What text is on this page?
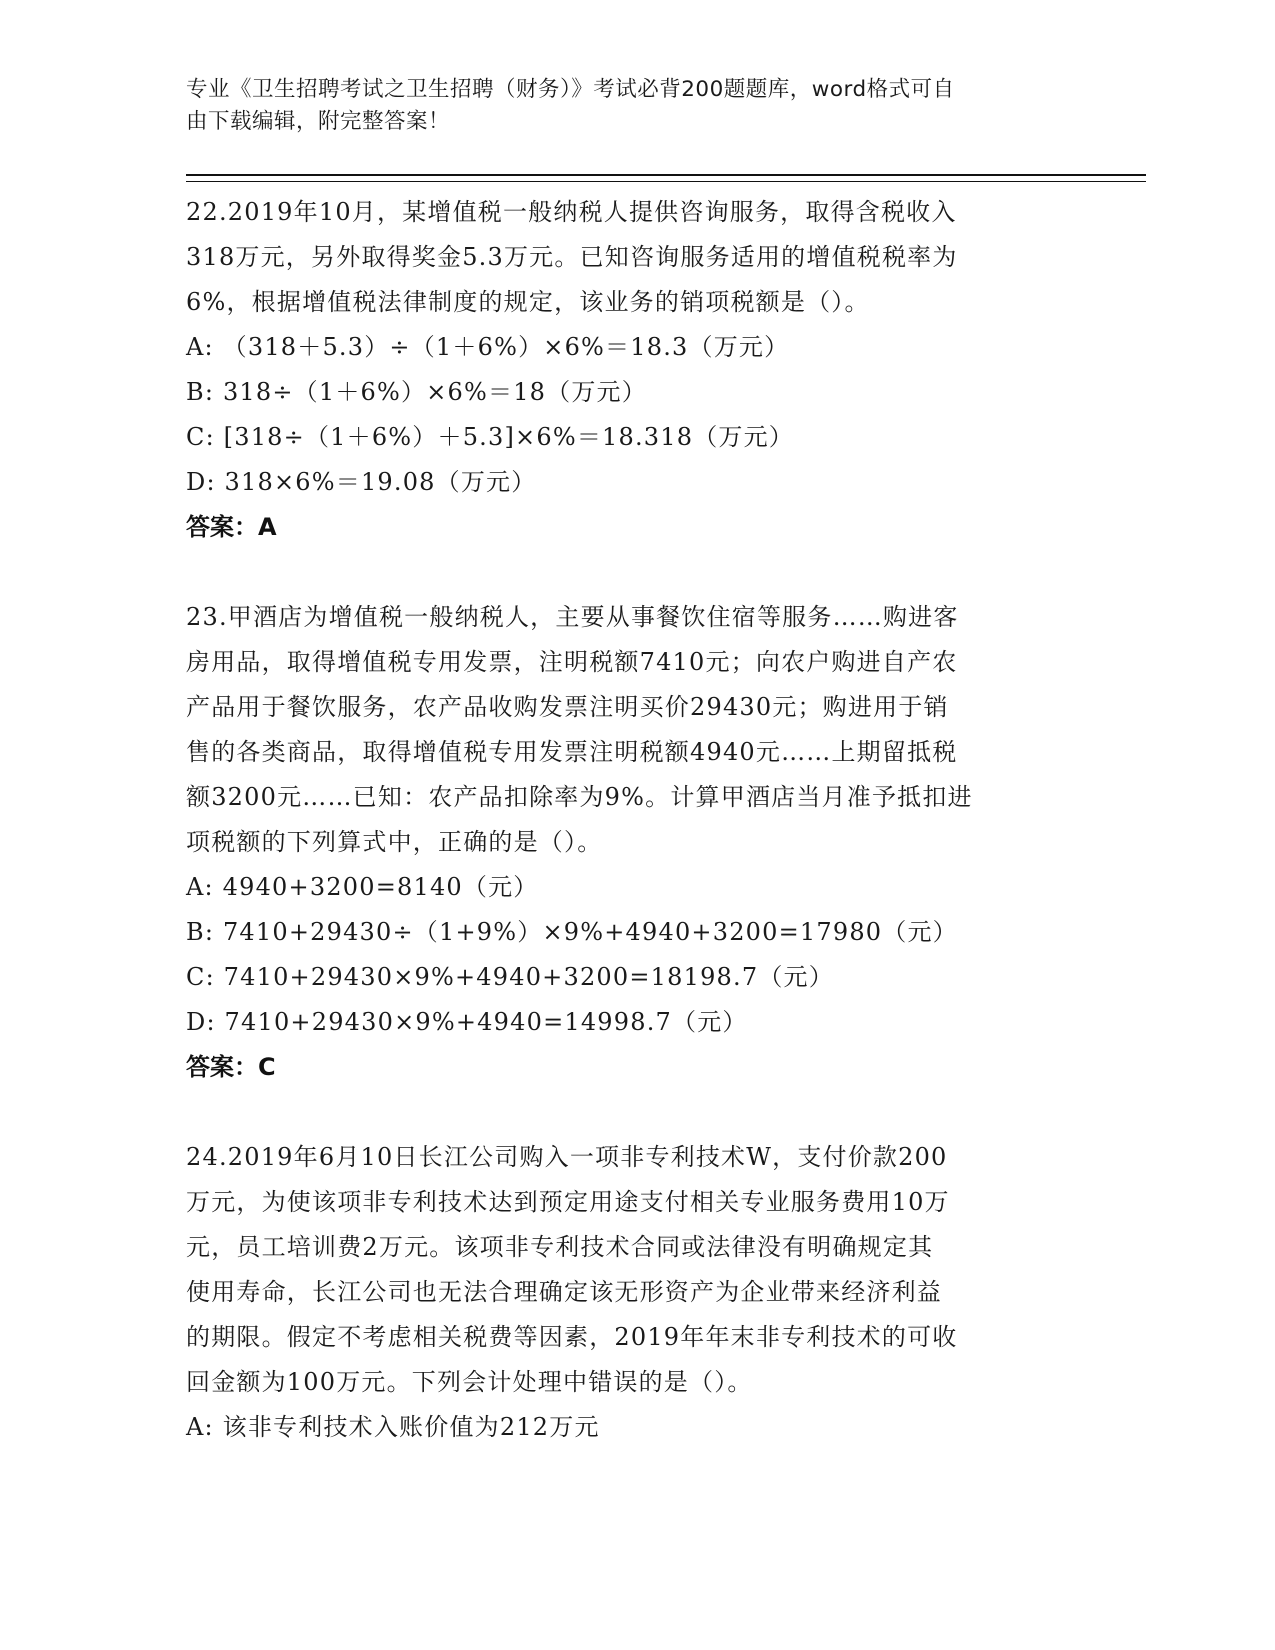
专业《卫生招聘考试之卫生招聘（财务）》考试必背200题题库，word格式可自
由下载编辑，附完整答案！
22.2019年10月，某增值税一般纳税人提供咨询服务，取得含税收入
318万元，另外取得奖金5.3万元。已知咨询服务适用的增值税税率为
6%，根据增值税法律制度的规定，该业务的销项税额是（）。
A: （318＋5.3）÷（1＋6%）×6%＝18.3（万元）
B: 318÷（1＋6%）×6%＝18（万元）
C: [318÷（1＋6%）＋5.3]×6%＝18.318（万元）
D: 318×6%＝19.08（万元）
答案：A
23.甲酒店为增值税一般纳税人，主要从事餐饮住宿等服务……购进客
房用品，取得增值税专用发票，注明税额7410元；向农户购进自产农
产品用于餐饮服务，农产品收购发票注明买价29430元；购进用于销
售的各类商品，取得增值税专用发票注明税额4940元……上期留抵税
额3200元……已知：农产品扣除率为9%。计算甲酒店当月准予抵扣进
项税额的下列算式中，正确的是（）。
A: 4940+3200=8140（元）
B: 7410+29430÷（1+9%）×9%+4940+3200=17980（元）
C: 7410+29430×9%+4940+3200=18198.7（元）
D: 7410+29430×9%+4940=14998.7（元）
答案：C
24.2019年6月10日长江公司购入一项非专利技术W，支付价款200
万元，为使该项非专利技术达到预定用途支付相关专业服务费用10万
元，员工培训费2万元。该项非专利技术合同或法律没有明确规定其
使用寿命，长江公司也无法合理确定该无形资产为企业带来经济利益
的期限。假定不考虑相关税费等因素，2019年年末非专利技术的可收
回金额为100万元。下列会计处理中错误的是（）。
A: 该非专利技术入账价值为212万元
